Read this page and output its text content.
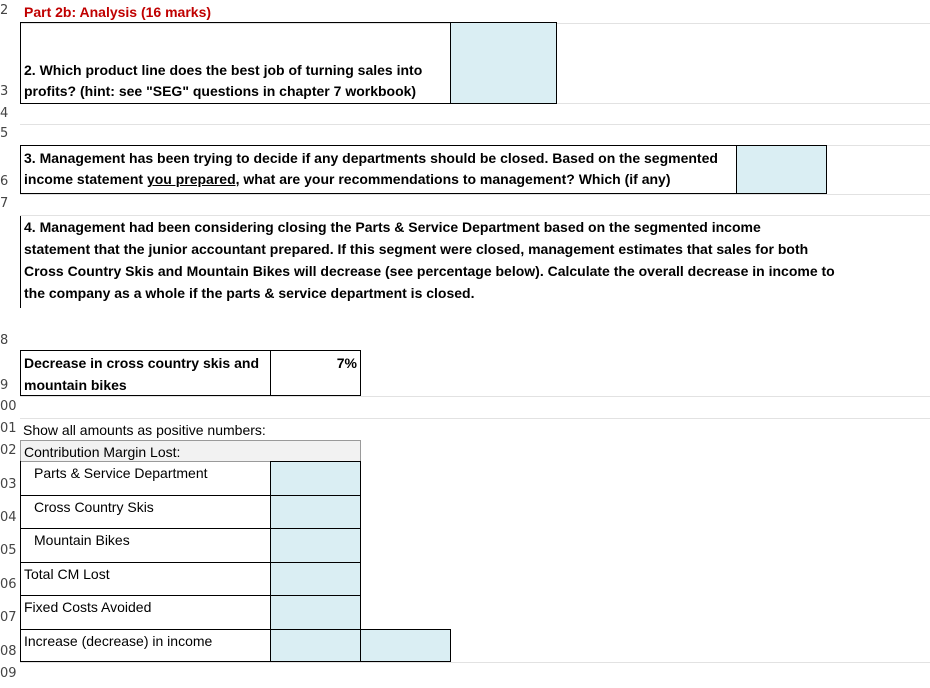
2
3
4
5
6
7
8
9
00
01
02
03
04
05
06
07
08
09
Part 2b: Analysis (16 marks)
2. Which product line does the best job of turning sales into
profits? (hint: see "SEG" questions in chapter 7 workbook)
3. Management has been trying to decide if any departments should be closed. Based on the segmented
income statement you prepared, what are your recommendations to management? Which (if any)
4. Management had been considering closing the Parts & Service Department based on the segmented income
statement that the junior accountant prepared. If this segment were closed, management estimates that sales for both
Cross Country Skis and Mountain Bikes will decrease (see percentage below). Calculate the overall decrease in income to
the company as a whole if the parts & service department is closed.
Decrease in cross country skis and
mountain bikes
7%
Show all amounts as positive numbers:
Contribution Margin Lost:
Parts & Service Department
Cross Country Skis
Mountain Bikes
Total CM Lost
Fixed Costs Avoided
Increase (decrease) in income
